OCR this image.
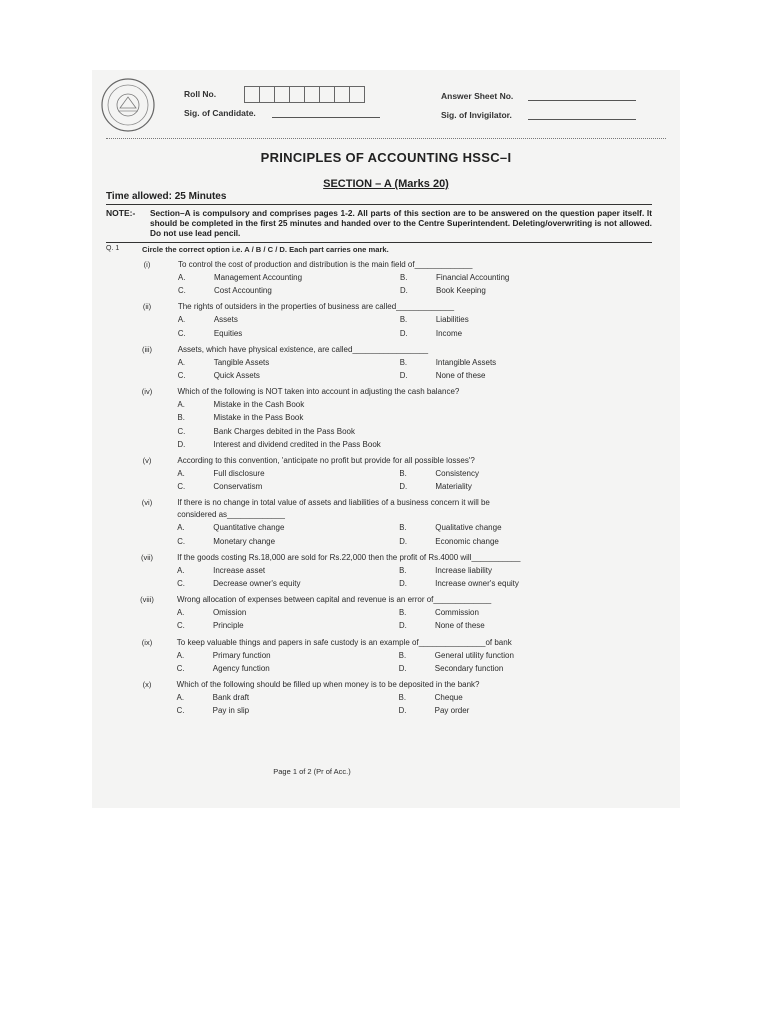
Roll No.
Sig. of Candidate.
Answer Sheet No.
Sig. of Invigilator.
PRINCIPLES OF ACCOUNTING HSSC–I
SECTION – A (Marks 20)
Time allowed: 25 Minutes
NOTE:- Section–A is compulsory and comprises pages 1-2. All parts of this section are to be answered on the question paper itself. It should be completed in the first 25 minutes and handed over to the Centre Superintendent. Deleting/overwriting is not allowed. Do not use lead pencil.
Q. 1	Circle the correct option i.e. A / B / C / D. Each part carries one mark.
(i)	To control the cost of production and distribution is the main field of_____________
A.	Management Accounting	B.	Financial Accounting
C.	Cost Accounting	D.	Book Keeping
(ii)	The rights of outsiders in the properties of business are called_____________
A.	Assets	B.	Liabilities
C.	Equities	D.	Income
(iii)	Assets, which have physical existence, are called_________________
A.	Tangible Assets	B.	Intangible Assets
C.	Quick Assets	D.	None of these
(iv)	Which of the following is NOT taken into account in adjusting the cash balance?
A.	Mistake in the Cash Book
B.	Mistake in the Pass Book
C.	Bank Charges debited in the Pass Book
D.	Interest and dividend credited in the Pass Book
(v)	According to this convention, 'anticipate no profit but provide for all possible losses'?
A.	Full disclosure	B.	Consistency
C.	Conservatism	D.	Materiality
(vi)	If there is no change in total value of assets and liabilities of a business concern it will be
considered as_____________
A.	Quantitative change	B.	Qualitative change
C.	Monetary change	D.	Economic change
(vii)	If the goods costing Rs.18,000 are sold for Rs.22,000 then the profit of Rs.4000 will___________
A.	Increase asset	B.	Increase liability
C.	Decrease owner's equity	D.	Increase owner's equity
(viii)	Wrong allocation of expenses between capital and revenue is an error of_____________
A.	Omission	B.	Commission
C.	Principle	D.	None of these
(ix)	To keep valuable things and papers in safe custody is an example of_______________of bank
A.	Primary function	B.	General utility function
C.	Agency function	D.	Secondary function
(x)	Which of the following should be filled up when money is to be deposited in the bank?
A.	Bank draft	B.	Cheque
C.	Pay in slip	D.	Pay order
Page 1 of 2 (Pr of Acc.)
